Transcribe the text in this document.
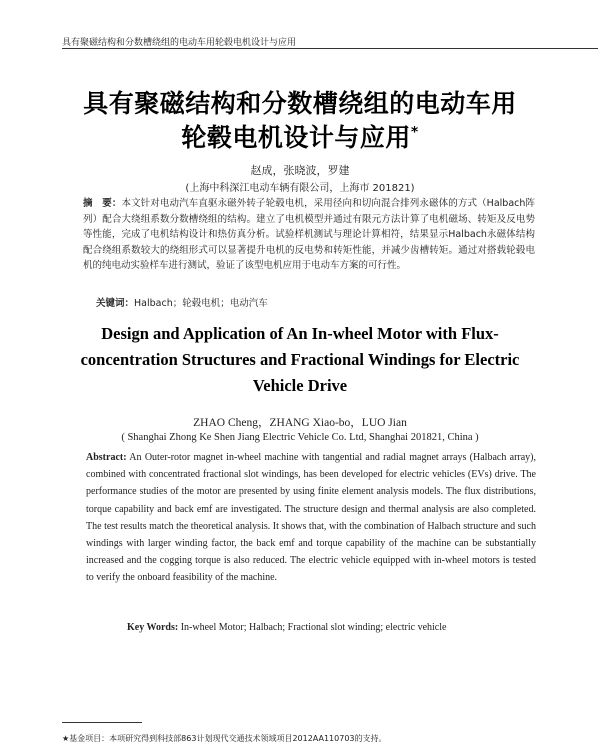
具有聚磁结构和分数槽绕组的电动车用轮毂电机设计与应用
具有聚磁结构和分数槽绕组的电动车用
轮毂电机设计与应用*
赵成，张晓波，罗建
(上海中科深江电动车辆有限公司，上海市 201821)
摘　要：本文针对电动汽车直驱永磁外转子轮毂电机，采用径向和切向混合排列永磁体的方式（Halbach阵列）配合大绕组系数分数槽绕组的结构。建立了电机模型并通过有限元方法计算了电机磁场、转矩及反电势等性能，完成了电机结构设计和热仿真分析。试验样机测试与理论计算相符，结果显示Halbach永磁体结构配合绕组系数较大的绕组形式可以显著提升电机的反电势和转矩性能，并减少齿槽转矩。通过对搭载轮毂电机的纯电动实验样车进行测试，验证了该型电机应用于电动车方案的可行性。
关键词：Halbach；轮毂电机；电动汽车
Design and Application of An In-wheel Motor with Flux-
concentration Structures and Fractional Windings for Electric
Vehicle Drive
ZHAO Cheng，ZHANG Xiao-bo，LUO Jian
( Shanghai Zhong Ke Shen Jiang Electric Vehicle Co. Ltd, Shanghai 201821, China )
Abstract: An Outer-rotor magnet in-wheel machine with tangential and radial magnet arrays (Halbach array), combined with concentrated fractional slot windings, has been developed for electric vehicles (EVs) drive. The performance studies of the motor are presented by using finite element analysis models. The flux distributions, torque capability and back emf are investigated. The structure design and thermal analysis are also completed. The test results match the theoretical analysis. It shows that, with the combination of Halbach structure and such windings with larger winding factor, the back emf and torque capability of the machine can be substantially increased and the cogging torque is also reduced. The electric vehicle equipped with in-wheel motors is tested to verify the onboard feasibility of the machine.
Key Words: In-wheel Motor; Halbach; Fractional slot winding; electric vehicle
★基金项目：本项研究得到科技部863计划现代交通技术领域项目2012AA110703的支持。
